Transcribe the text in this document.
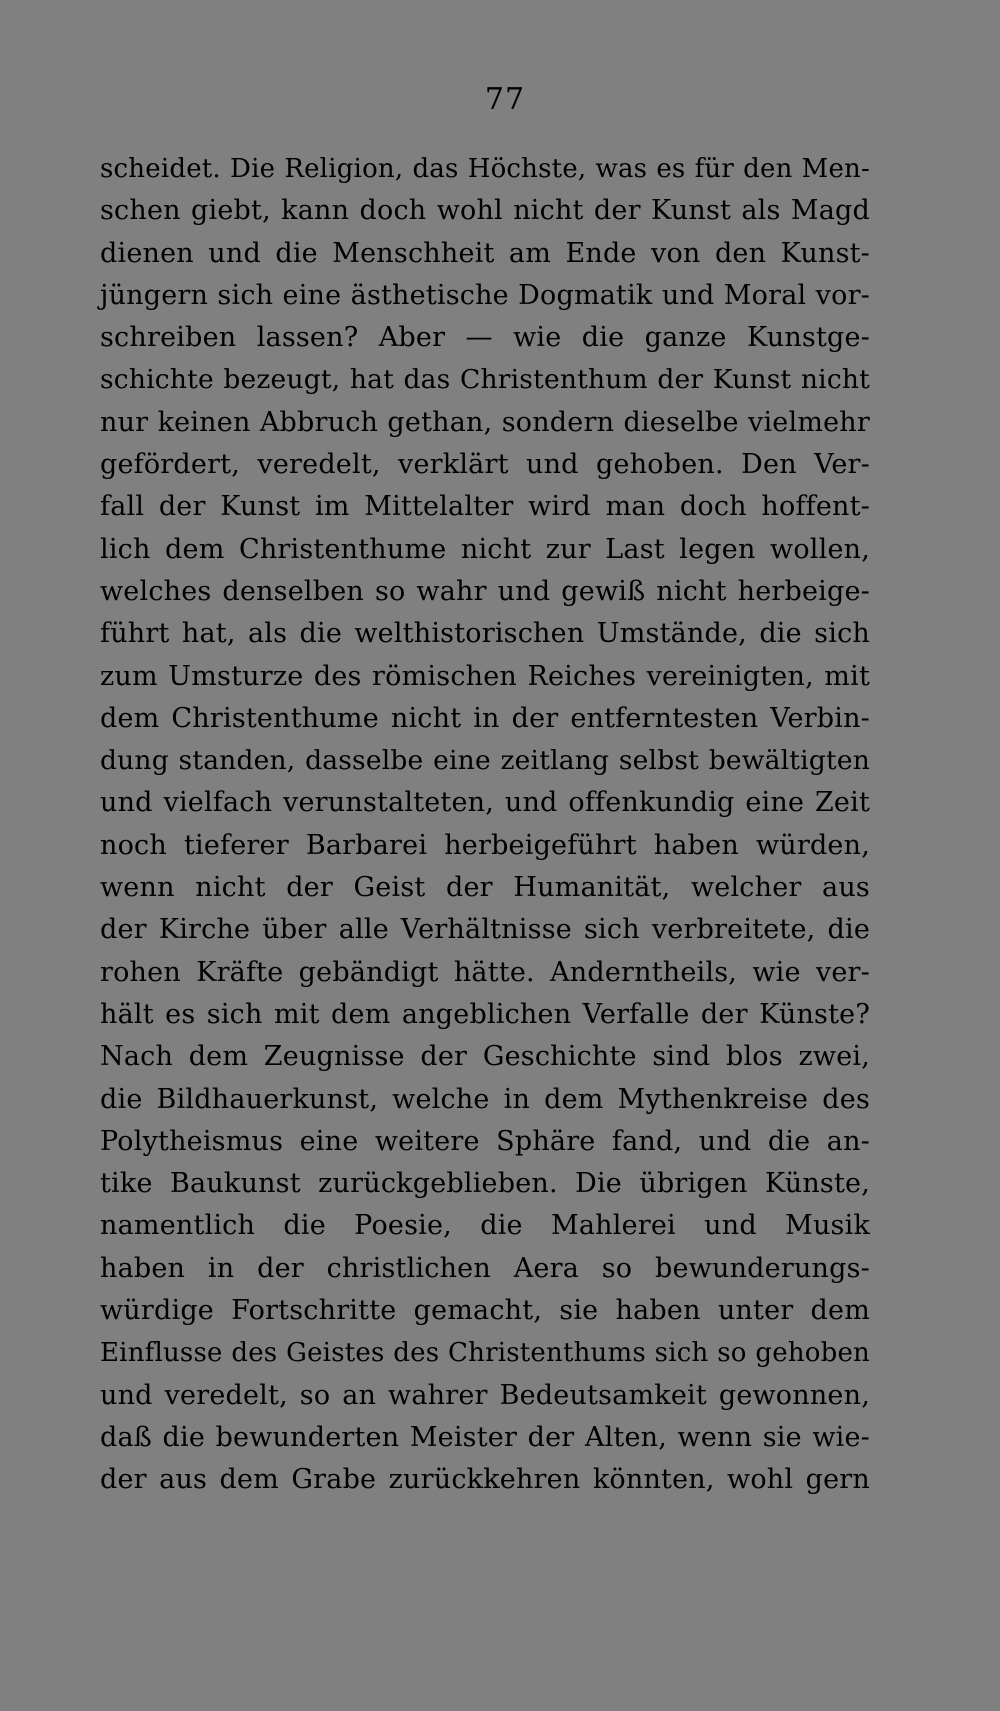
77
scheidet. Die Religion, das Höchste, was es für den Men-
schen giebt, kann doch wohl nicht der Kunst als Magd
dienen und die Menschheit am Ende von den Kunst-
jüngern sich eine ästhetische Dogmatik und Moral vor-
schreiben lassen? Aber — wie die ganze Kunstge-
schichte bezeugt, hat das Christenthum der Kunst nicht
nur keinen Abbruch gethan, sondern dieselbe vielmehr
gefördert, veredelt, verklärt und gehoben. Den Ver-
fall der Kunst im Mittelalter wird man doch hoffent-
lich dem Christenthume nicht zur Last legen wollen,
welches denselben so wahr und gewiß nicht herbeige-
führt hat, als die welthistorischen Umstände, die sich
zum Umsturze des römischen Reiches vereinigten, mit
dem Christenthume nicht in der entferntesten Verbin-
dung standen, dasselbe eine zeitlang selbst bewältigten
und vielfach verunstalteten, und offenkundig eine Zeit
noch tieferer Barbarei herbeigeführt haben würden,
wenn nicht der Geist der Humanität, welcher aus
der Kirche über alle Verhältnisse sich verbreitete, die
rohen Kräfte gebändigt hätte. Anderntheils, wie ver-
hält es sich mit dem angeblichen Verfalle der Künste?
Nach dem Zeugnisse der Geschichte sind blos zwei,
die Bildhauerkunst, welche in dem Mythenkreise des
Polytheismus eine weitere Sphäre fand, und die an-
tike Baukunst zurückgeblieben. Die übrigen Künste,
namentlich die Poesie, die Mahlerei und Musik
haben in der christlichen Aera so bewunderungs-
würdige Fortschritte gemacht, sie haben unter dem
Einflusse des Geistes des Christenthums sich so gehoben
und veredelt, so an wahrer Bedeutsamkeit gewonnen,
daß die bewunderten Meister der Alten, wenn sie wie-
der aus dem Grabe zurückkehren könnten, wohl gern
